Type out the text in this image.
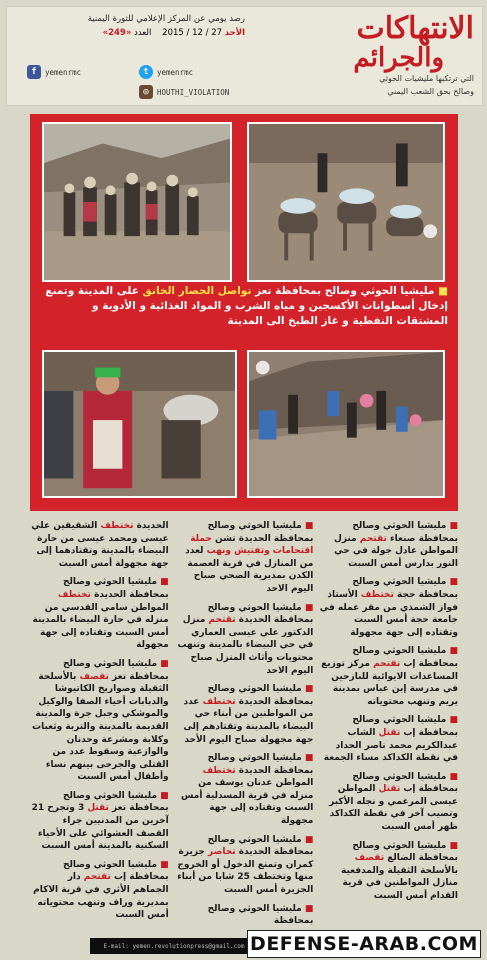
الانتهاكات
والجرائم
التي ترتكبها مليشيات الحوثي
وصالح بحق الشعب اليمني
رصد يومي عن المركز الإعلامي للثورة اليمنية
الأحد 27 / 12 / 2015    العدد «249»
f	yemenrmc	t	yemenrmc
◎	HOUTHI_VIOLATION
■ مليشيا الحوثي وصالح بمحافظة تعز تواصل الحصار الخانق على المدينة وتمنع
إدخال أسطوانات الأكسجين و مياه الشرب و المواد الغذائية و الأدوية و المشتقات النفطية و غاز الطبخ الى المدينة
■ مليشيا الحوثي وصالح بمحافظة صنعاء تقتحم منزل المواطن عادل جولة في حي النور بدارس أمس السبت
■ مليشيا الحوثي وصالح بمحافظة حجة تختطف الأستاذ فواز الشمذي من مقر عمله في جامعة حجة أمس السبت وتقتاده إلى جهة مجهولة
■ مليشيا الحوثي وصالح بمحافظة إب تقتحم مركز توزيع المساعدات الايوائية للنازحين في مدرسة إبن عباس بمدينة يريم وتنهب محتوياته
■ مليشيا الحوثي وصالح بمحافظة إب تقتل الشاب عبدالكريم محمد ناصر الحداد في نقطة الكداكد مساء الجمعة
■ مليشيا الحوثي وصالح بمحافظة إب تقتل المواطن عيسى المرغمي و نجله الأكبر وتصيب آخر في نقطة الكداكد ظهر أمس السبت
■ مليشيا الحوثي وصالح بمحافظة الضالع تقصف بالأسلحة الثقيلة والمدفعية منازل المواطنين في قرية القدام أمس السبت
■ مليشيا الحوثي وصالح بمحافظة الحديدة تشن حملة اقتحامات وتفتيش ونهب لعدد من المنازل في قرية العصمة الكدن بمديرية الضحي صباح اليوم الاحد
■ مليشيا الحوثي وصالح بمحافظة الحديدة تقتحم منزل الدكتور علي عيسى العماري في حي البيضاء بالمدينة وتنهب محتويات وأثاث المنزل صباح اليوم الاحد
■ مليشيا الحوثي وصالح بمحافظة الحديدة تختطف عدد من المواطنين من أبناء حي البيضاء بالمدينة وتقتادهم إلى جهة مجهولة صباح اليوم الأحد
■ مليشيا الحوثي وصالح بمحافظة الحديدة تختطف المواطن عدنان يوسف من منزله في قرية المسدلية أمس السبت وتقتاده إلى جهة مجهولة
■ مليشيا الحوثي وصالح بمحافظة الحديدة تحاصر جزيرة كمران وتمنع الدخول أو الخروج منها وتختطف 25 شابا من أبناء الجزيرة أمس السبت
■ مليشيا الحوثي وصالح بمحافظة
الحديدة تختطف الشقيقين علي عيسى ومحمد عيسى من حارة البيضاء بالمدينة وتقتادهما إلى جهة مجهولة أمس السبت
■ مليشيا الحوثي وصالح بمحافظة الحديدة تختطف المواطن سامي القدسي من منزله في حارة البيضاء بالمدينة أمس السبت وتقتاده إلى جهة مجهولة
■ مليشيا الحوثي وصالح بمحافظة تعز تقصف بالأسلحة الثقيلة وصواريخ الكاتيوشا والدبابات أحياء الصفا والوكيل والموشكي وجبل جرة والمدينة القديمة بالمدينة والتربة وثعبات وكلابة ومشرعة وحدنان والوازعية وسقوط عدد من القتلى والجرحى بينهم نساء وأطفال أمس السبت
■ مليشيا الحوثي وصالح بمحافظة تعز تقتل 3 وتجرح 21 آخرين من المدنيين جراء القصف العشوائي على الأحياء السكنية بالمدينة أمس السبت
■ مليشيا الحوثي وصالح بمحافظة إب تقتحم دار الجماهم الأثري في قرية الاكام بمديرية وراف وتنهب محتوياته أمس السبت
E-mail: yemen.revolutionpress@gmail.com DEFENSE-ARAB.COM
